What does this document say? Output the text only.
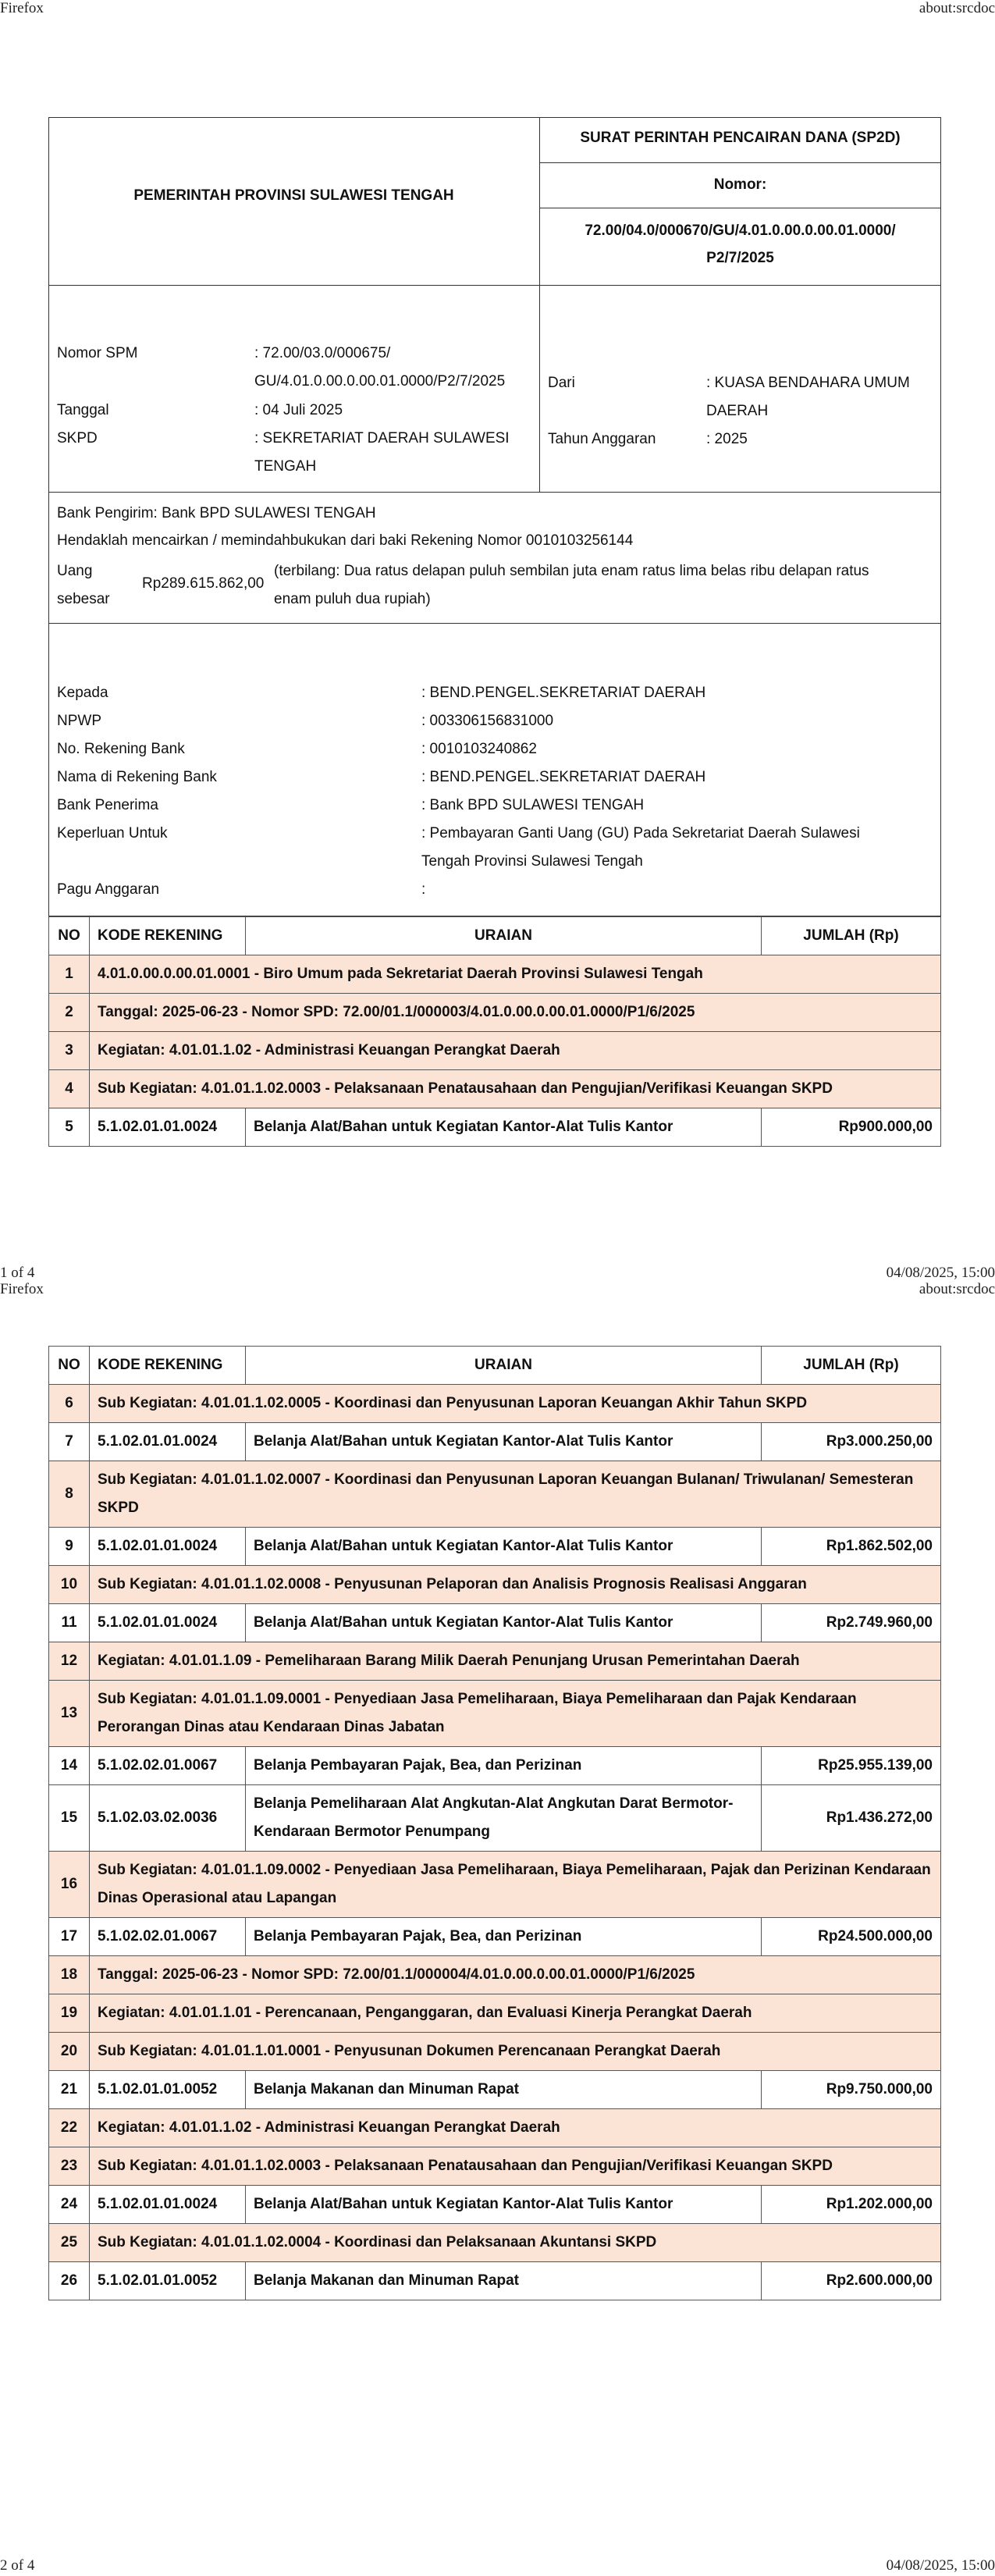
Firefox	about:srcdoc
PEMERINTAH PROVINSI SULAWESI TENGAH
SURAT PERINTAH PENCAIRAN DANA (SP2D)
Nomor:
72.00/04.0/000670/GU/4.01.0.00.0.00.01.0000/
P2/7/2025
Nomor SPM	: 72.00/03.0/000675/
GU/4.01.0.00.0.00.01.0000/P2/7/2025
Tanggal	: 04 Juli 2025
SKPD	: SEKRETARIAT DAERAH SULAWESI
TENGAH
Dari	: KUASA BENDAHARA UMUM
DAERAH
Tahun Anggaran	: 2025
Bank Pengirim: Bank BPD SULAWESI TENGAH
Hendaklah mencairkan / memindahbukukan dari baki Rekening Nomor 0010103256144
Uang
sebesar
Rp289.615.862,00
(terbilang: Dua ratus delapan puluh sembilan juta enam ratus lima belas ribu delapan ratus
enam puluh dua rupiah)
Kepada	: BEND.PENGEL.SEKRETARIAT DAERAH
NPWP	: 003306156831000
No. Rekening Bank	: 0010103240862
Nama di Rekening Bank	: BEND.PENGEL.SEKRETARIAT DAERAH
Bank Penerima	: Bank BPD SULAWESI TENGAH
Keperluan Untuk	: Pembayaran Ganti Uang (GU) Pada Sekretariat Daerah Sulawesi
Tengah Provinsi Sulawesi Tengah
Pagu Anggaran	:
NO	KODE REKENING	URAIAN	JUMLAH (Rp)
1	4.01.0.00.0.00.01.0001 - Biro Umum pada Sekretariat Daerah Provinsi Sulawesi Tengah		
2	Tanggal: 2025-06-23 - Nomor SPD: 72.00/01.1/000003/4.01.0.00.0.00.01.0000/P1/6/2025		
3	Kegiatan: 4.01.01.1.02 - Administrasi Keuangan Perangkat Daerah		
4	Sub Kegiatan: 4.01.01.1.02.0003 - Pelaksanaan Penatausahaan dan Pengujian/Verifikasi Keuangan SKPD		
5	5.1.02.01.01.0024	Belanja Alat/Bahan untuk Kegiatan Kantor-Alat Tulis Kantor	Rp900.000,00
1 of 4	04/08/2025, 15:00
Firefox	about:srcdoc
NO	KODE REKENING	URAIAN	JUMLAH (Rp)
6	Sub Kegiatan: 4.01.01.1.02.0005 - Koordinasi dan Penyusunan Laporan Keuangan Akhir Tahun SKPD		
7	5.1.02.01.01.0024	Belanja Alat/Bahan untuk Kegiatan Kantor-Alat Tulis Kantor	Rp3.000.250,00
8	Sub Kegiatan: 4.01.01.1.02.0007 - Koordinasi dan Penyusunan Laporan Keuangan Bulanan/ Triwulanan/ Semesteran SKPD		
9	5.1.02.01.01.0024	Belanja Alat/Bahan untuk Kegiatan Kantor-Alat Tulis Kantor	Rp1.862.502,00
10	Sub Kegiatan: 4.01.01.1.02.0008 - Penyusunan Pelaporan dan Analisis Prognosis Realisasi Anggaran		
11	5.1.02.01.01.0024	Belanja Alat/Bahan untuk Kegiatan Kantor-Alat Tulis Kantor	Rp2.749.960,00
12	Kegiatan: 4.01.01.1.09 - Pemeliharaan Barang Milik Daerah Penunjang Urusan Pemerintahan Daerah		
13	Sub Kegiatan: 4.01.01.1.09.0001 - Penyediaan Jasa Pemeliharaan, Biaya Pemeliharaan dan Pajak Kendaraan Perorangan Dinas atau Kendaraan Dinas Jabatan		
14	5.1.02.02.01.0067	Belanja Pembayaran Pajak, Bea, dan Perizinan	Rp25.955.139,00
15	5.1.02.03.02.0036	Belanja Pemeliharaan Alat Angkutan-Alat Angkutan Darat Bermotor-Kendaraan Bermotor Penumpang	Rp1.436.272,00
16	Sub Kegiatan: 4.01.01.1.09.0002 - Penyediaan Jasa Pemeliharaan, Biaya Pemeliharaan, Pajak dan Perizinan Kendaraan Dinas Operasional atau Lapangan		
17	5.1.02.02.01.0067	Belanja Pembayaran Pajak, Bea, dan Perizinan	Rp24.500.000,00
18	Tanggal: 2025-06-23 - Nomor SPD: 72.00/01.1/000004/4.01.0.00.0.00.01.0000/P1/6/2025		
19	Kegiatan: 4.01.01.1.01 - Perencanaan, Penganggaran, dan Evaluasi Kinerja Perangkat Daerah		
20	Sub Kegiatan: 4.01.01.1.01.0001 - Penyusunan Dokumen Perencanaan Perangkat Daerah		
21	5.1.02.01.01.0052	Belanja Makanan dan Minuman Rapat	Rp9.750.000,00
22	Kegiatan: 4.01.01.1.02 - Administrasi Keuangan Perangkat Daerah		
23	Sub Kegiatan: 4.01.01.1.02.0003 - Pelaksanaan Penatausahaan dan Pengujian/Verifikasi Keuangan SKPD		
24	5.1.02.01.01.0024	Belanja Alat/Bahan untuk Kegiatan Kantor-Alat Tulis Kantor	Rp1.202.000,00
25	Sub Kegiatan: 4.01.01.1.02.0004 - Koordinasi dan Pelaksanaan Akuntansi SKPD		
26	5.1.02.01.01.0052	Belanja Makanan dan Minuman Rapat	Rp2.600.000,00
2 of 4	04/08/2025, 15:00
